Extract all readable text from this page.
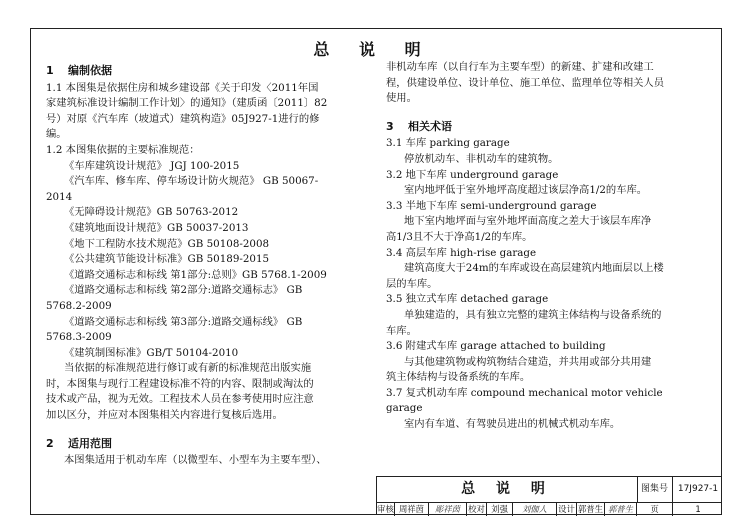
总 说 明
1 编制依据

1.1 本图集是依据住房和城乡建设部《关于印发〈2011年国

家建筑标准设计编制工作计划〉的通知》（建质函〔2011〕82

号）对原《汽车库（坡道式）建筑构造》05J927-1进行的修

编。

1.2 本图集依据的主要标准规范：

《车库建筑设计规范》 JGJ 100-2015

《汽车库、修车库、停车场设计防火规范》 GB 50067-

2014

《无障碍设计规范》GB 50763-2012

《建筑地面设计规范》GB 50037-2013

《地下工程防水技术规范》GB 50108-2008

《公共建筑节能设计标准》GB 50189-2015

《道路交通标志和标线 第1部分:总则》GB 5768.1-2009

《道路交通标志和标线 第2部分:道路交通标志》 GB

5768.2-2009

《道路交通标志和标线 第3部分:道路交通标线》 GB

5768.3-2009

《建筑制图标准》GB/T 50104-2010

当依据的标准规范进行修订或有新的标准规范出版实施

时，本图集与现行工程建设标准不符的内容、限制或淘汰的

技术或产品，视为无效。工程技术人员在参考使用时应注意

加以区分，并应对本图集相关内容进行复核后选用。

2 适用范围

本图集适用于机动车库（以微型车、小型车为主要车型）、

非机动车库（以自行车为主要车型）的新建、扩建和改建工

程，供建设单位、设计单位、施工单位、监理单位等相关人员

使用。

3 相关术语

3.1 车库 parking garage

停放机动车、非机动车的建筑物。

3.2 地下车库 underground garage

室内地坪低于室外地坪高度超过该层净高1/2的车库。

3.3 半地下车库 semi-underground garage

地下室内地坪面与室外地坪面高度之差大于该层车库净

高1/3且不大于净高1/2的车库。

3.4 高层车库 high-rise garage

建筑高度大于24m的车库或设在高层建筑内地面层以上楼

层的车库。

3.5 独立式车库 detached garage

单独建造的，具有独立完整的建筑主体结构与设备系统的

车库。

3.6 附建式车库 garage attached to building

与其他建筑物或构筑物结合建造，并共用或部分共用建

筑主体结构与设备系统的车库。

3.7 复式机动车库 compound mechanical motor vehicle

garage

室内有车道、有驾驶员进出的机械式机动车库。

总 说 明	图集号	17J927-1
审核 周祥茵	彫祥茵 校对 刘强	刘伽人	设计 郭普生 郭普生	页	1
